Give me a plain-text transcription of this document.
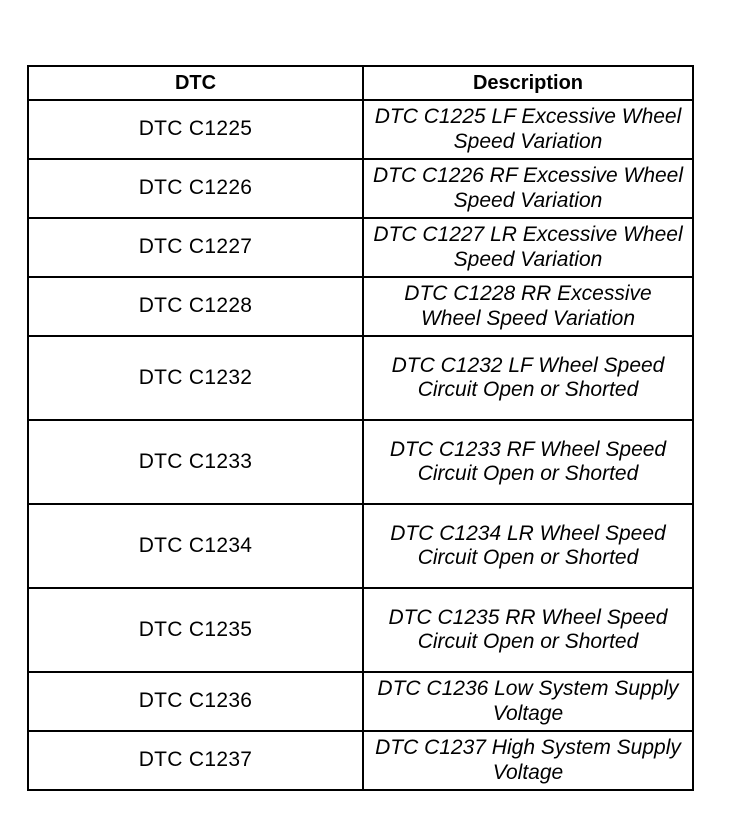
DTC	Description
DTC C1225	DTC C1225 LF Excessive Wheel Speed Variation
DTC C1226	DTC C1226 RF Excessive Wheel Speed Variation
DTC C1227	DTC C1227 LR Excessive Wheel Speed Variation
DTC C1228	DTC C1228 RR Excessive Wheel Speed Variation
DTC C1232	DTC C1232 LF Wheel Speed Circuit Open or Shorted
DTC C1233	DTC C1233 RF Wheel Speed Circuit Open or Shorted
DTC C1234	DTC C1234 LR Wheel Speed Circuit Open or Shorted
DTC C1235	DTC C1235 RR Wheel Speed Circuit Open or Shorted
DTC C1236	DTC C1236 Low System Supply Voltage
DTC C1237	DTC C1237 High System Supply Voltage
